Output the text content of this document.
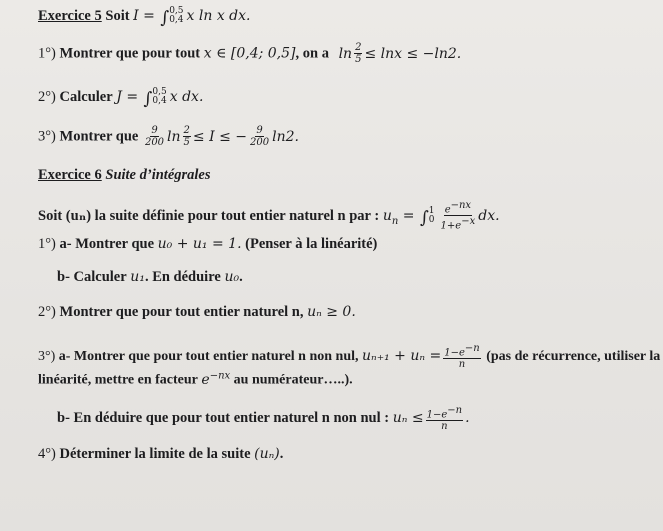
Exercice 5 Soit I = ∫ 0,5
0,4 x ln x dx.
1°) Montrer que pour tout x ∈ [0,4; 0,5], on a $\ln \frac{2}{5} \le \ln x \le -\ln 2$.
2°) Calculer J = ∫ 0,5
0,4 x dx.
3°) Montrer que $\frac{9}{200}$ $\ln \frac{2}{5} \le I$ ≤ − $\frac{9}{200} \ln 2$.
Exercice 6 Suite d’intégrales
Soit (uₙ) la suite définie pour tout entier naturel n par : $u_n$ = ∫ 1
$0 \frac{e^{-nx}}{1+e^{-x}}$ dx.
1°) a- Montrer que u₀ + u₁ = 1. (Penser à la linéarité)
b- Calculer u₁. En déduire u₀.
2°) Montrer que pour tout entier naturel n, uₙ ≥ 0.
3°) a- Montrer que pour tout entier naturel n non nul, $u_{n+1} + u_n = \frac{1-e^{-n}}{n} (pas$ de récurrence, utiliser la
linéarité, mettre en facteur $e^{-nx}$ au numérateur…..).
b- En déduire que pour tout entier naturel n non nul : $u_n \le \frac{1-e^{-n}}{n}$ .
4°) Déterminer la limite de la suite (uₙ).
